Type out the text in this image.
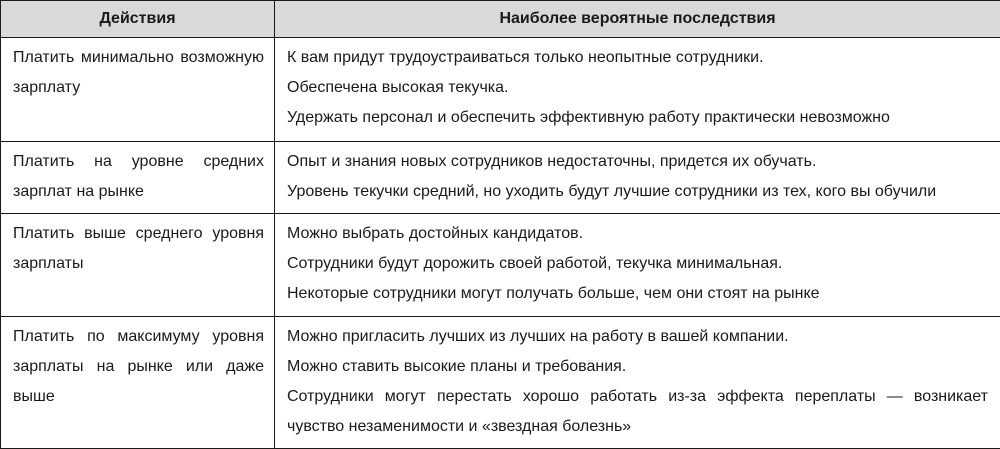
Действия	Наиболее вероятные последствия
Платить минимально возможную зарплату	К вам придут трудоустраиваться только неопытные сотрудники.
Обеспечена высокая текучка.
Удержать персонал и обеспечить эффективную работу практически невозможно

Платить на уровне средних зарплат на рынке	Опыт и знания новых сотрудников недостаточны, придется их обучать.
Уровень текучки средний, но уходить будут лучшие сотрудники из тех, кого вы обучили

Платить выше среднего уровня зарплаты	Можно выбрать достойных кандидатов.
Сотрудники будут дорожить своей работой, текучка минимальная.
Некоторые сотрудники могут получать больше, чем они стоят на рынке

Платить по максимуму уровня зарплаты на рынке или даже выше	Можно пригласить лучших из лучших на работу в вашей компании.
Можно ставить высокие планы и требования.
Сотрудники могут перестать хорошо работать из-за эффекта переплаты — возникает чувство незаменимости и «звездная болезнь»
